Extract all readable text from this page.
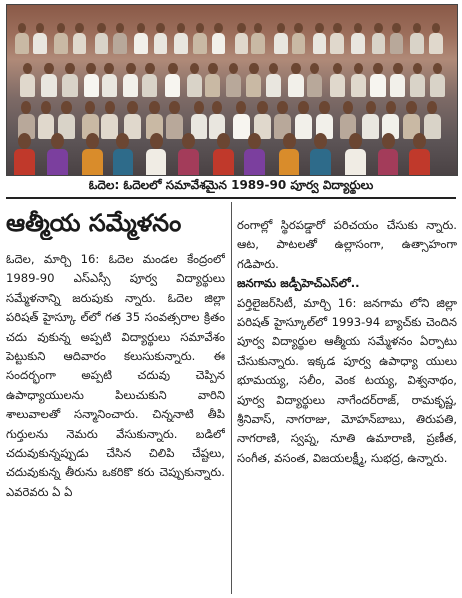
ఓదెల: ఓదెలలో సమావేశమైన 1989-90 పూర్వ విద్యార్థులు
ఆత్మీయ సమ్మేళనం

ఓదెల, మార్చి 16: ఓదెల మండల కేంద్రంలో 1989-90 ఎస్ఎస్సీ పూర్వ విద్యార్థులు సమ్మేళనాన్ని జరుపుకు న్నారు. ఓదెల జిల్లా పరిషత్ హైస్కూ ల్‌లో గత 35 సంవత్సరాల క్రితం చదు వుకున్న అప్పటి విద్యార్థులు సమావేశం పెట్టుకుని ఆదివారం కలుసుకున్నారు. ఈ సందర్భంగా అప్పటి చదువు చెప్పిన ఉపాధ్యాయులను పిలుచుకుని వారిని శాలువాలతో సన్మానించారు. చిన్ననాటి తీపి గుర్తులను నెమరు వేసుకున్నారు. బడిలో చదువుకున్నప్పుడు చేసిన చిలిపి చేష్టలు, చదువుకున్న తీరును ఒకరికొ కరు చెప్పుకున్నారు. ఎవరెవరు ఏ ఏ

రంగాల్లో స్థిరపడ్డారో పరిచయం చేసుకు న్నారు. ఆట, పాటలతో ఉల్లాసంగా, ఉత్సాహంగా గడిపారు.

జనగామ జడ్పీహెచ్ఎస్‌లో..

పర్తిలైజర్‌సిటీ, మార్చి 16: జనగామ లోని జిల్లా పరిషత్ హైస్కూల్‌లో 1993-94 బ్యాచ్‌కు చెందిన పూర్వ విద్యార్థుల ఆత్మీయ సమ్మేళనం ఏర్పాటు చేసుకున్నారు. ఇక్కడ పూర్వ ఉపాధ్యా యులు భూమయ్య, సలీం, వెంక టయ్య, విశ్వనాథం, పూర్వ విద్యార్థులు నాగేందర్‌రాజ్, రామకృష్ణ, శ్రీనివాస్, నాగరాజు, మోహన్‌బాబు, తిరుపతి, నాగరాణి, స్వప్న, నూతి ఉమారాణి, ప్రణీత, సంగీత, వసంత, విజయలక్ష్మీ, సుభద్ర, ఉన్నారు.
